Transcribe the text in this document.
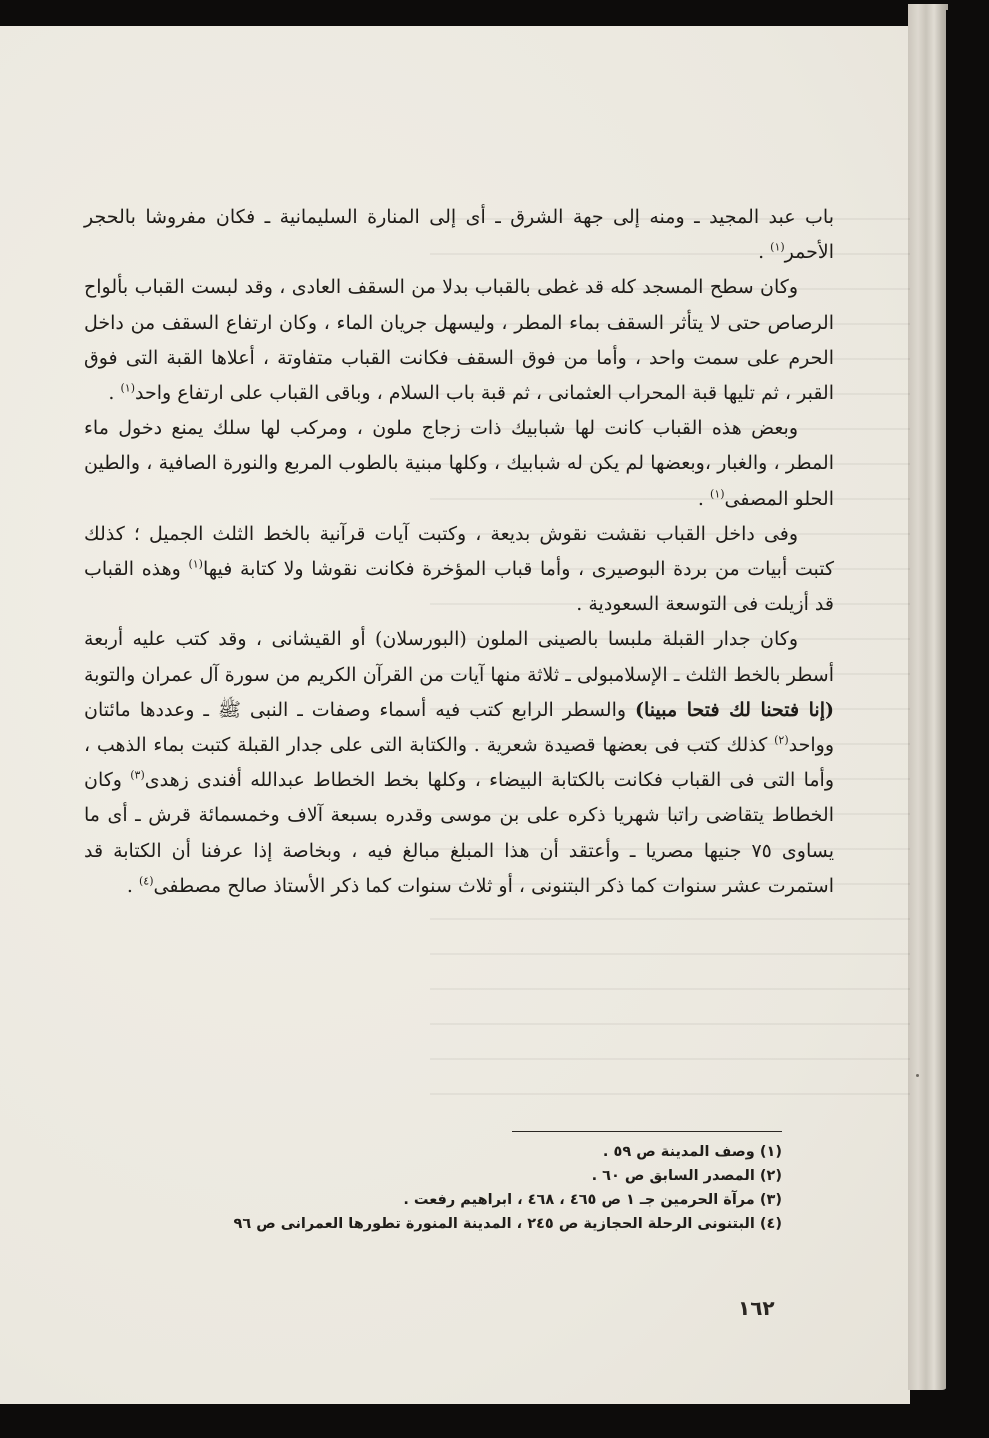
باب عبد المجيد ـ ومنه إلى جهة الشرق ـ أى إلى المنارة السليمانية ـ فكان مفروشا بالحجر الأحمر$^{(١)}$ .

وكان سطح المسجد كله قد غطى بالقباب بدلا من السقف العادى ، وقد لبست القباب بألواح الرصاص حتى لا يتأثر السقف بماء المطر ، وليسهل جريان الماء ، وكان ارتفاع السقف من داخل الحرم على سمت واحد ، وأما من فوق السقف فكانت القباب متفاوتة ، أعلاها القبة التى فوق القبر ، ثم تليها قبة المحراب العثمانى ، ثم قبة باب السلام ، وباقى القباب على ارتفاع واحد$^{(١)}$ .

وبعض هذه القباب كانت لها شبابيك ذات زجاج ملون ، ومركب لها سلك يمنع دخول ماء المطر ، والغبار ،وبعضها لم يكن له شبابيك ، وكلها مبنية بالطوب المربع والنورة الصافية ، والطين الحلو المصفى$^{(١)}$ .

وفى داخل القباب نقشت نقوش بديعة ، وكتبت آيات قرآنية بالخط الثلث الجميل ؛ كذلك كتبت أبيات من بردة البوصيرى ، وأما قباب المؤخرة فكانت نقوشا ولا كتابة فيها$^{(١)}$ وهذه القباب قد أزيلت فى التوسعة السعودية .

وكان جدار القبلة ملبسا بالصينى الملون (البورسلان) أو القيشانى ، وقد كتب عليه أربعة أسطر بالخط الثلث ـ الإسلامبولى ـ ثلاثة منها آيات من القرآن الكريم من سورة آل عمران والتوبة (إنا فتحنا لك فتحا مبينا) والسطر الرابع كتب فيه أسماء وصفات ـ النبى ﷺ ـ وعددها مائتان وواحد$^{(٢)}$ كذلك كتب فى بعضها قصيدة شعرية . والكتابة التى على جدار القبلة كتبت بماء الذهب ، وأما التى فى القباب فكانت بالكتابة البيضاء ، وكلها بخط الخطاط عبدالله أفندى زهدى$^{(٣)}$ وكان الخطاط يتقاضى راتبا شهريا ذكره على بن موسى وقدره بسبعة آلاف وخمسمائة قرش ـ أى ما يساوى ٧٥ جنيها مصريا ـ وأعتقد أن هذا المبلغ مبالغ فيه ، وبخاصة إذا عرفنا أن الكتابة قد استمرت عشر سنوات كما ذكر البتنونى ، أو ثلاث سنوات كما ذكر الأستاذ صالح مصطفى$^{(٤)}$ .

(١) وصف المدينة ص ٥٩ .

(٢) المصدر السابق ص ٦٠ .

(٣) مرآة الحرمين جـ ١ ص ٤٦٥ ، ٤٦٨ ، ابراهيم رفعت .

(٤) البتنونى الرحلة الحجازية ص ٢٤٥ ، المدينة المنورة تطورها العمرانى ص ٩٦

١٦٢
